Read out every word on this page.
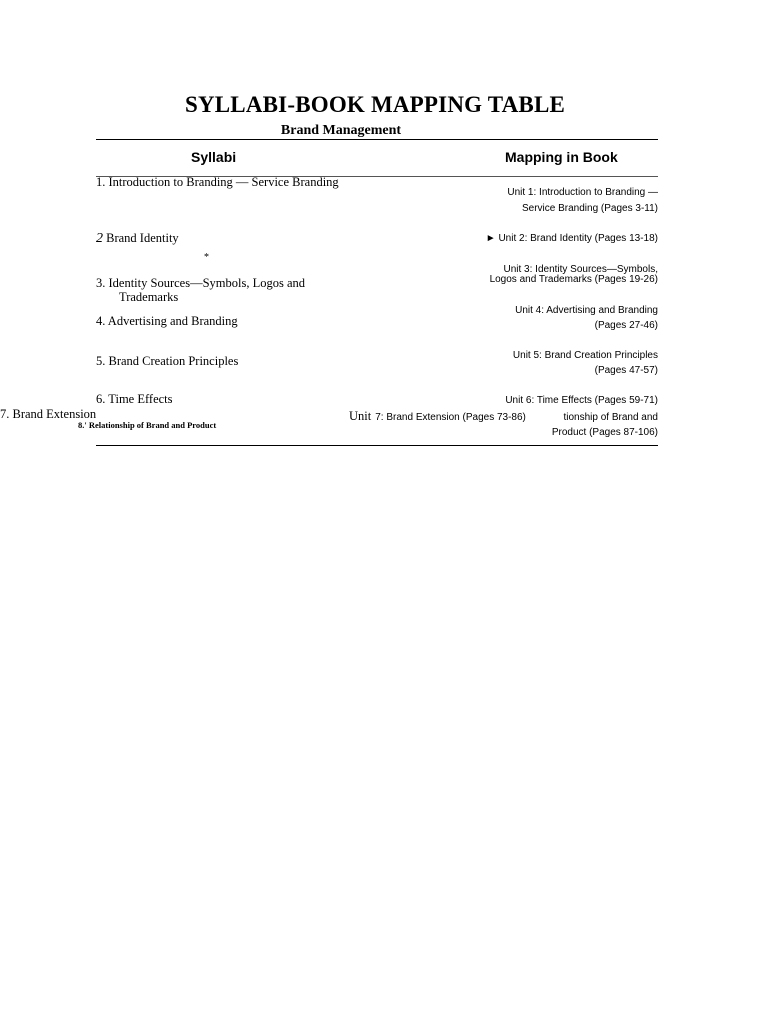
SYLLABI-BOOK MAPPING TABLE
Brand Management
Syllabi	Mapping in Book
1. Introduction to Branding — Service Branding
2 Brand Identity
*
3. Identity Sources—Symbols, Logos and
Trademarks
4. Advertising and Branding
5. Brand Creation Principles
6. Time Effects
7. Brand Extension
8.' Relationship of Brand and Product
Unit 1: Introduction to Branding —
Service Branding (Pages 3-11)
► Unit 2: Brand Identity (Pages 13-18)
Unit 3: Identity Sources—Symbols,
Logos and Trademarks (Pages 19-26)
Unit 4: Advertising and Branding
(Pages 27-46)
Unit 5: Brand Creation Principles
(Pages 47-57)
Unit 6: Time Effects (Pages 59-71)
Unit 7: Brand Extension (Pages 73-86)	tionship of Brand and
Product (Pages 87-106)
